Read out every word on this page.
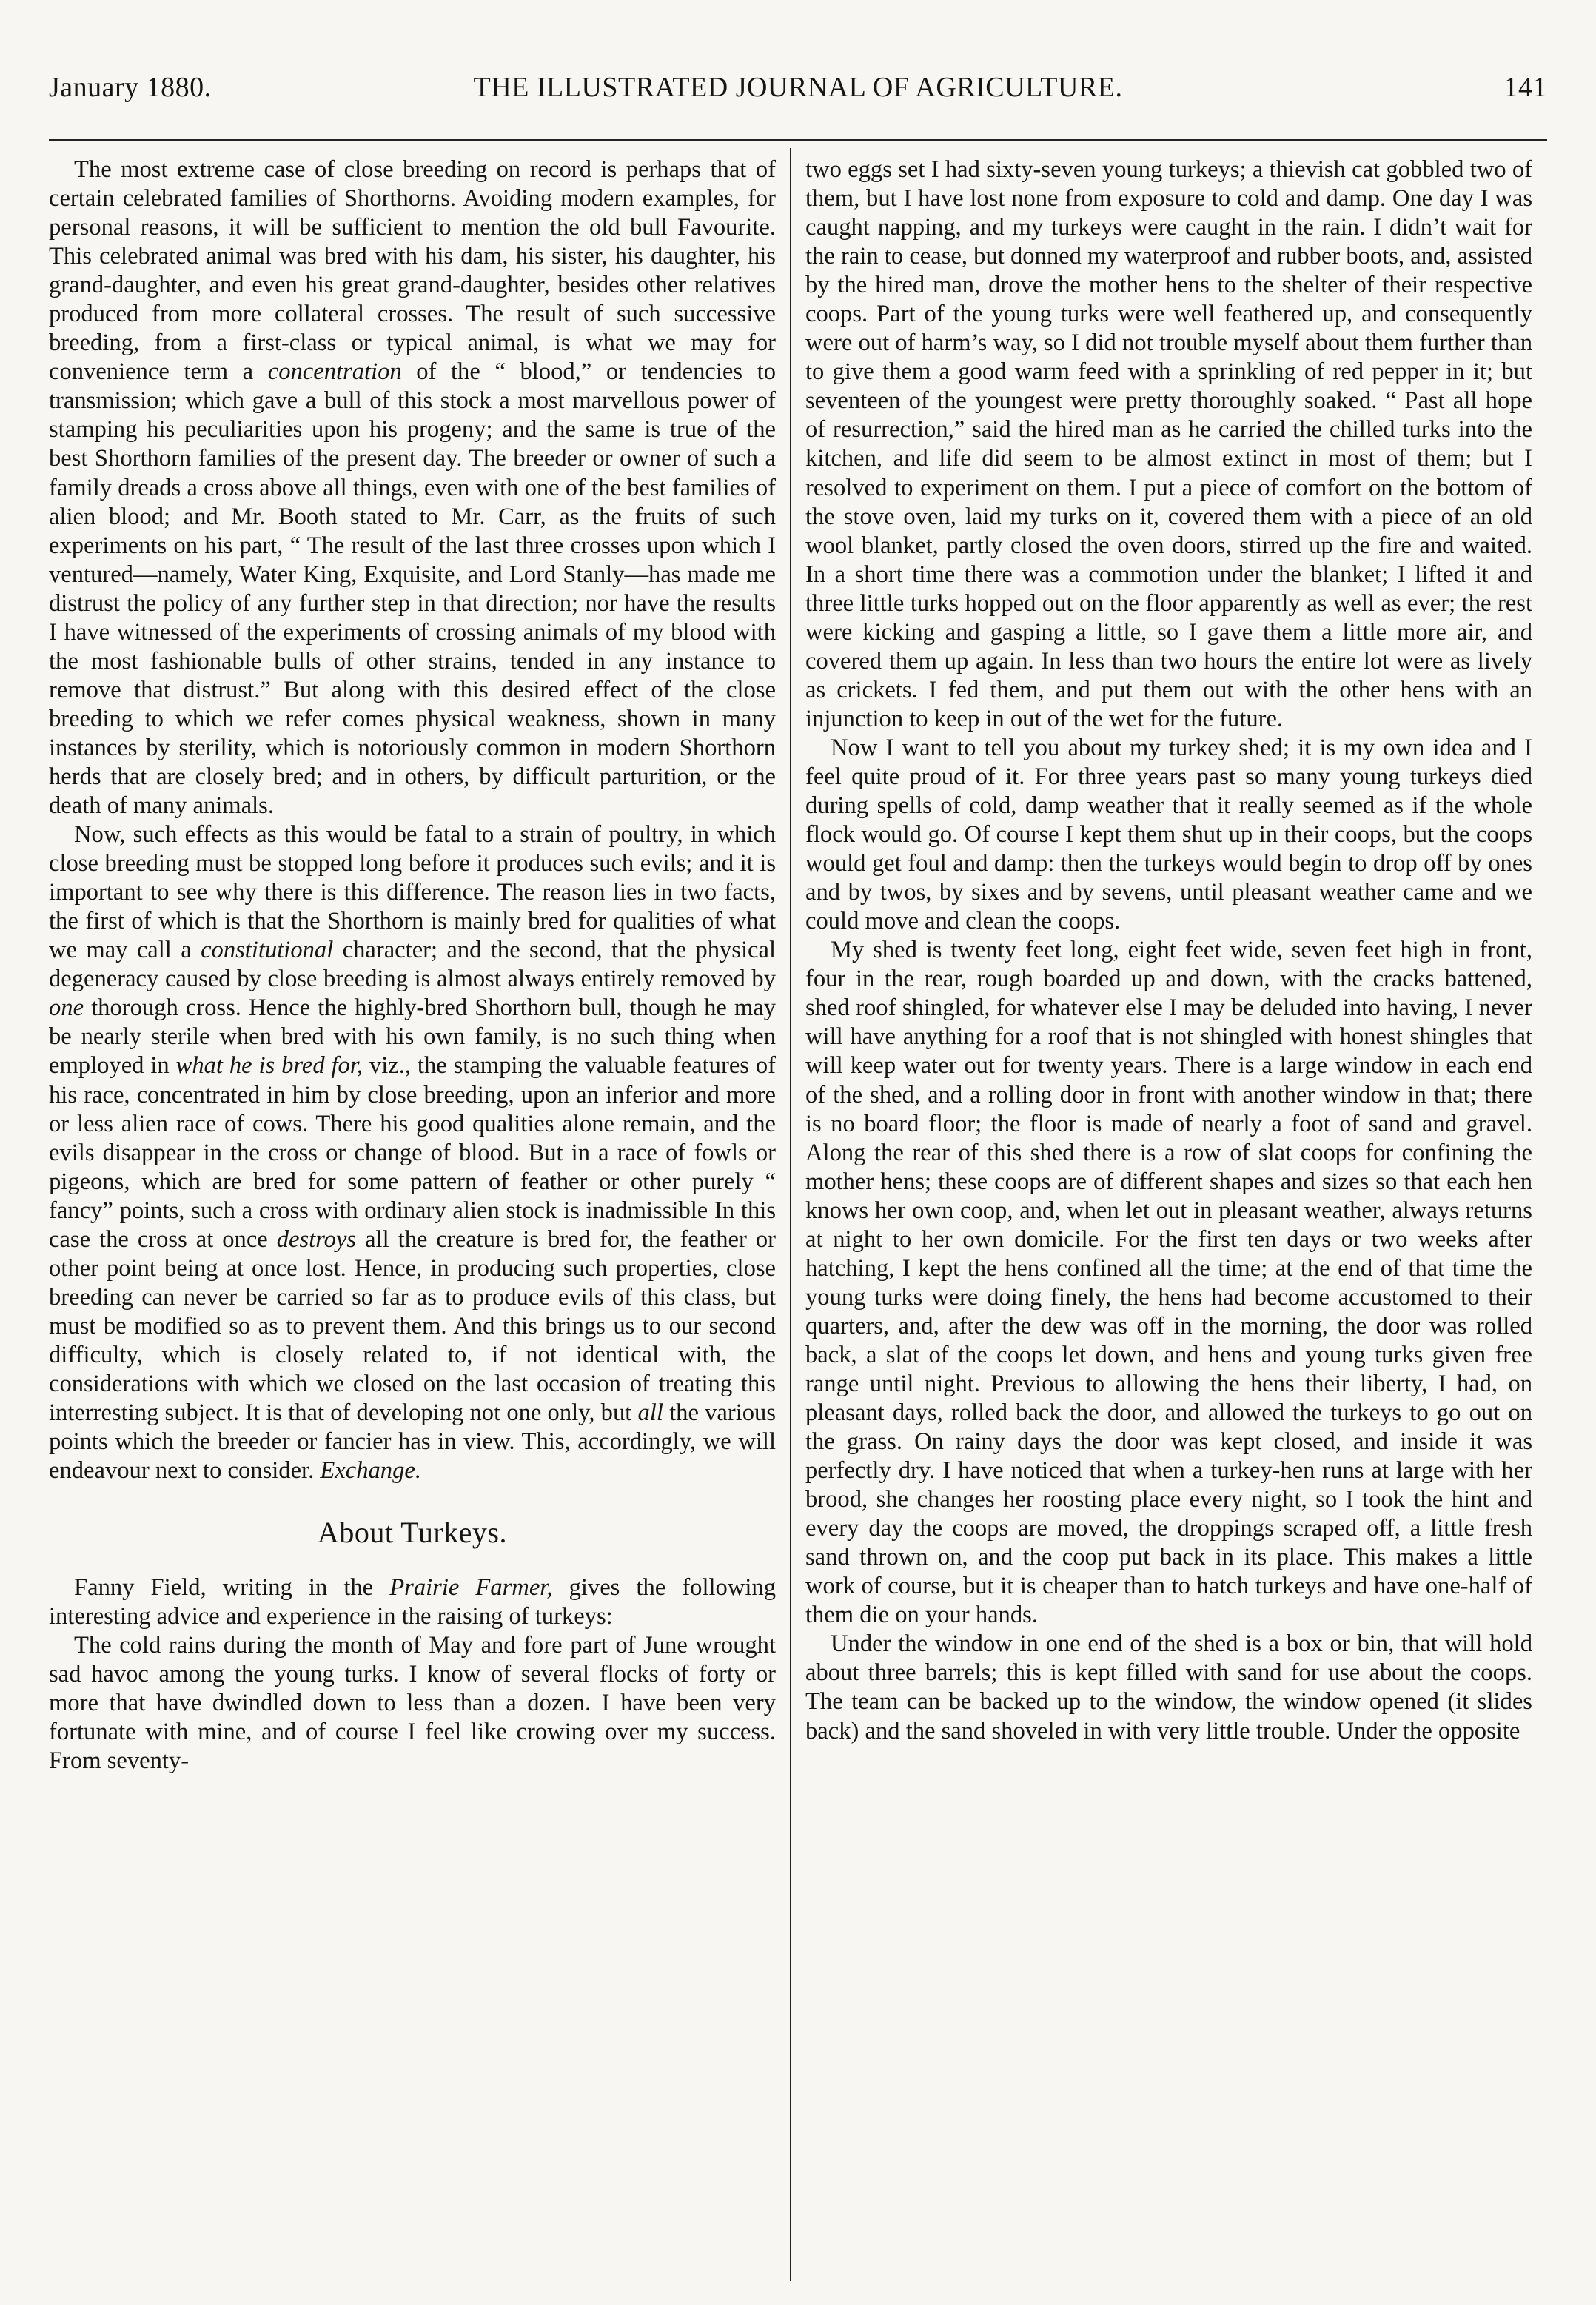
January 1880.	THE ILLUSTRATED JOURNAL OF AGRICULTURE.	141

The most extreme case of close breeding on record is perhaps that of certain celebrated families of Shorthorns. Avoiding modern examples, for personal reasons, it will be sufficient to mention the old bull Favourite. This celebrated animal was bred with his dam, his sister, his daughter, his grand-daughter, and even his great grand-daughter, besides other relatives produced from more collateral crosses. The result of such successive breeding, from a first-class or typical animal, is what we may for convenience term a concentration of the “ blood,” or tendencies to transmission; which gave a bull of this stock a most marvellous power of stamping his peculiarities upon his progeny; and the same is true of the best Shorthorn families of the present day. The breeder or owner of such a family dreads a cross above all things, even with one of the best families of alien blood; and Mr. Booth stated to Mr. Carr, as the fruits of such experiments on his part, “ The result of the last three crosses upon which I ventured—namely, Water King, Exquisite, and Lord Stanly—has made me distrust the policy of any further step in that direction; nor have the results I have witnessed of the experiments of crossing animals of my blood with the most fashionable bulls of other strains, tended in any instance to remove that distrust.” But along with this desired effect of the close breeding to which we refer comes physical weakness, shown in many instances by sterility, which is notoriously common in modern Shorthorn herds that are closely bred; and in others, by difficult parturition, or the death of many animals.

Now, such effects as this would be fatal to a strain of poultry, in which close breeding must be stopped long before it produces such evils; and it is important to see why there is this difference. The reason lies in two facts, the first of which is that the Shorthorn is mainly bred for qualities of what we may call a constitutional character; and the second, that the physical degeneracy caused by close breeding is almost always entirely removed by one thorough cross. Hence the highly-bred Shorthorn bull, though he may be nearly sterile when bred with his own family, is no such thing when employed in what he is bred for, viz., the stamping the valuable features of his race, concentrated in him by close breeding, upon an inferior and more or less alien race of cows. There his good qualities alone remain, and the evils disappear in the cross or change of blood. But in a race of fowls or pigeons, which are bred for some pattern of feather or other purely “ fancy” points, such a cross with ordinary alien stock is inadmissible In this case the cross at once destroys all the creature is bred for, the feather or other point being at once lost. Hence, in producing such properties, close breeding can never be carried so far as to produce evils of this class, but must be modified so as to prevent them. And this brings us to our second difficulty, which is closely related to, if not identical with, the considerations with which we closed on the last occasion of treating this interresting subject. It is that of developing not one only, but all the various points which the breeder or fancier has in view. This, accordingly, we will endeavour next to consider. Exchange.

About Turkeys.

Fanny Field, writing in the Prairie Farmer, gives the following interesting advice and experience in the raising of turkeys:

The cold rains during the month of May and fore part of June wrought sad havoc among the young turks. I know of several flocks of forty or more that have dwindled down to less than a dozen. I have been very fortunate with mine, and of course I feel like crowing over my success. From seventy-

two eggs set I had sixty-seven young turkeys; a thievish cat gobbled two of them, but I have lost none from exposure to cold and damp. One day I was caught napping, and my turkeys were caught in the rain. I didn’t wait for the rain to cease, but donned my waterproof and rubber boots, and, assisted by the hired man, drove the mother hens to the shelter of their respective coops. Part of the young turks were well feathered up, and consequently were out of harm’s way, so I did not trouble myself about them further than to give them a good warm feed with a sprinkling of red pepper in it; but seventeen of the youngest were pretty thoroughly soaked. “ Past all hope of resurrection,” said the hired man as he carried the chilled turks into the kitchen, and life did seem to be almost extinct in most of them; but I resolved to experiment on them. I put a piece of comfort on the bottom of the stove oven, laid my turks on it, covered them with a piece of an old wool blanket, partly closed the oven doors, stirred up the fire and waited. In a short time there was a commotion under the blanket; I lifted it and three little turks hopped out on the floor apparently as well as ever; the rest were kicking and gasping a little, so I gave them a little more air, and covered them up again. In less than two hours the entire lot were as lively as crickets. I fed them, and put them out with the other hens with an injunction to keep in out of the wet for the future.

Now I want to tell you about my turkey shed; it is my own idea and I feel quite proud of it. For three years past so many young turkeys died during spells of cold, damp weather that it really seemed as if the whole flock would go. Of course I kept them shut up in their coops, but the coops would get foul and damp: then the turkeys would begin to drop off by ones and by twos, by sixes and by sevens, until pleasant weather came and we could move and clean the coops.

My shed is twenty feet long, eight feet wide, seven feet high in front, four in the rear, rough boarded up and down, with the cracks battened, shed roof shingled, for whatever else I may be deluded into having, I never will have anything for a roof that is not shingled with honest shingles that will keep water out for twenty years. There is a large window in each end of the shed, and a rolling door in front with another window in that; there is no board floor; the floor is made of nearly a foot of sand and gravel. Along the rear of this shed there is a row of slat coops for confining the mother hens; these coops are of different shapes and sizes so that each hen knows her own coop, and, when let out in pleasant weather, always returns at night to her own domicile. For the first ten days or two weeks after hatching, I kept the hens confined all the time; at the end of that time the young turks were doing finely, the hens had become accustomed to their quarters, and, after the dew was off in the morning, the door was rolled back, a slat of the coops let down, and hens and young turks given free range until night. Previous to allowing the hens their liberty, I had, on pleasant days, rolled back the door, and allowed the turkeys to go out on the grass. On rainy days the door was kept closed, and inside it was perfectly dry. I have noticed that when a turkey-hen runs at large with her brood, she changes her roosting place every night, so I took the hint and every day the coops are moved, the droppings scraped off, a little fresh sand thrown on, and the coop put back in its place. This makes a little work of course, but it is cheaper than to hatch turkeys and have one-half of them die on your hands.

Under the window in one end of the shed is a box or bin, that will hold about three barrels; this is kept filled with sand for use about the coops. The team can be backed up to the window, the window opened (it slides back) and the sand shoveled in with very little trouble. Under the opposite
